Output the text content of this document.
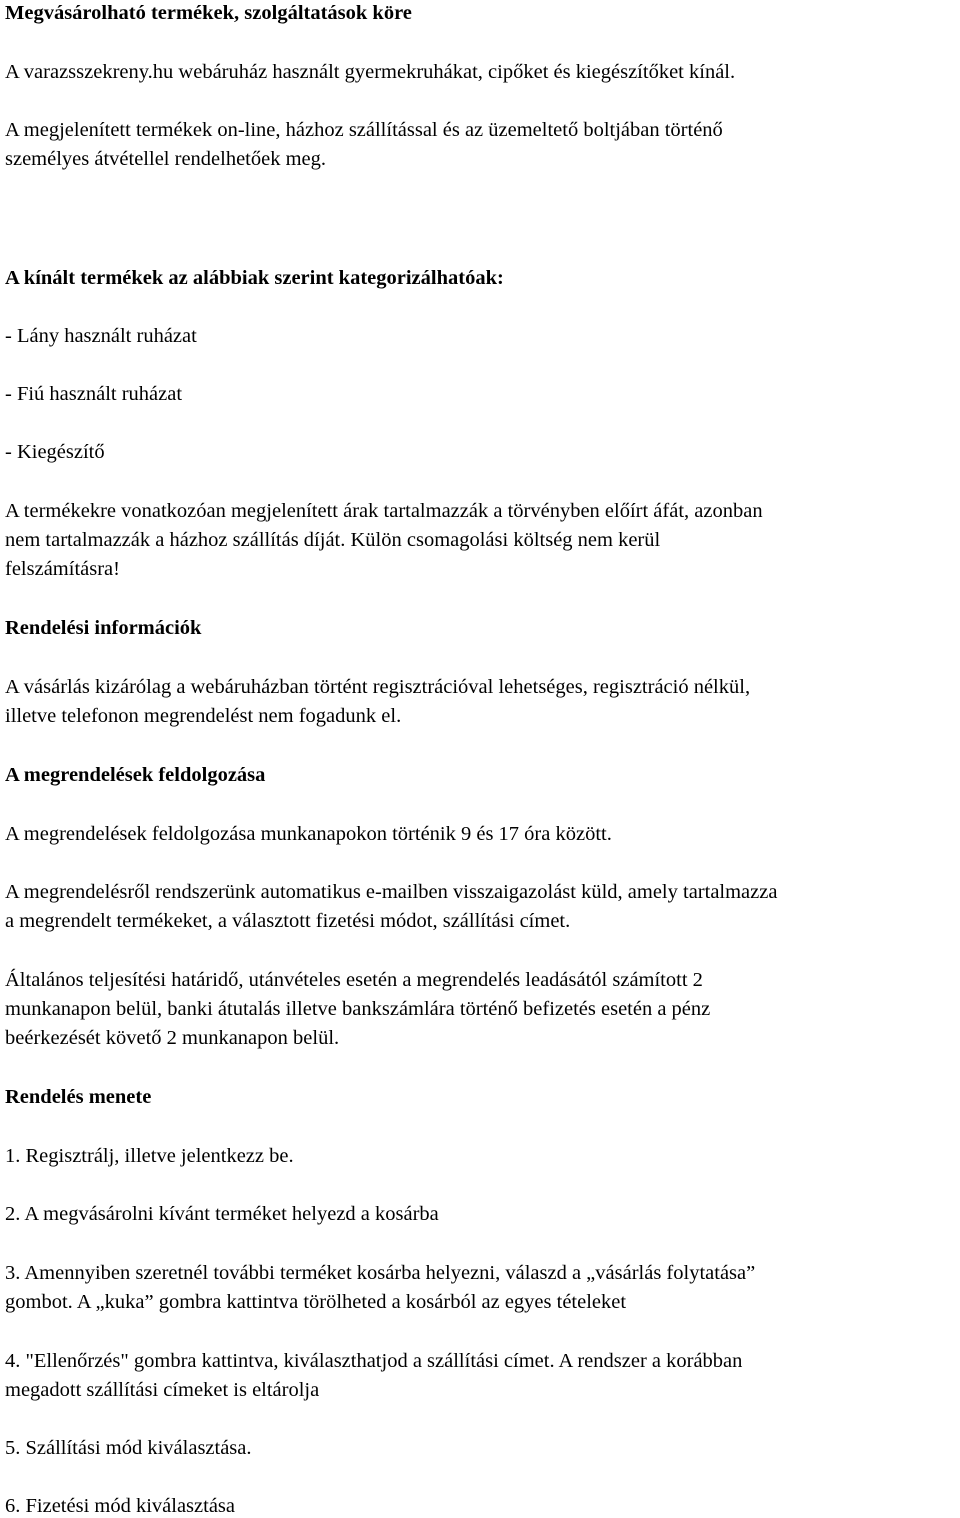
Megvásárolható termékek, szolgáltatások köre
A varazsszekreny.hu webáruház használt gyermekruhákat, cipőket és kiegészítőket kínál.
A megjelenített termékek on-line, házhoz szállítással és az üzemeltető boltjában történő
személyes átvétellel rendelhetőek meg.
A kínált termékek az alábbiak szerint kategorizálhatóak:
- Lány használt ruházat
- Fiú használt ruházat
- Kiegészítő
A termékekre vonatkozóan megjelenített árak tartalmazzák a törvényben előírt áfát, azonban
nem tartalmazzák a házhoz szállítás díját. Külön csomagolási költség nem kerül
felszámításra!
Rendelési információk
A vásárlás kizárólag a webáruházban történt regisztrációval lehetséges, regisztráció nélkül,
illetve telefonon megrendelést nem fogadunk el.
A megrendelések feldolgozása
A megrendelések feldolgozása munkanapokon történik 9 és 17 óra között.
A megrendelésről rendszerünk automatikus e-mailben visszaigazolást küld, amely tartalmazza
a megrendelt termékeket, a választott fizetési módot, szállítási címet.
Általános teljesítési határidő, utánvételes esetén a megrendelés leadásától számított 2
munkanapon belül, banki átutalás illetve bankszámlára történő befizetés esetén a pénz
beérkezését követő 2 munkanapon belül.
Rendelés menete
1. Regisztrálj, illetve jelentkezz be.
2. A megvásárolni kívánt terméket helyezd a kosárba
3. Amennyiben szeretnél további terméket kosárba helyezni, válaszd a „vásárlás folytatása”
gombot. A „kuka” gombra kattintva törölheted a kosárból az egyes tételeket
4. "Ellenőrzés" gombra kattintva, kiválaszthatjod a szállítási címet. A rendszer a korábban
megadott szállítási címeket is eltárolja
5. Szállítási mód kiválasztása.
6. Fizetési mód kiválasztása
